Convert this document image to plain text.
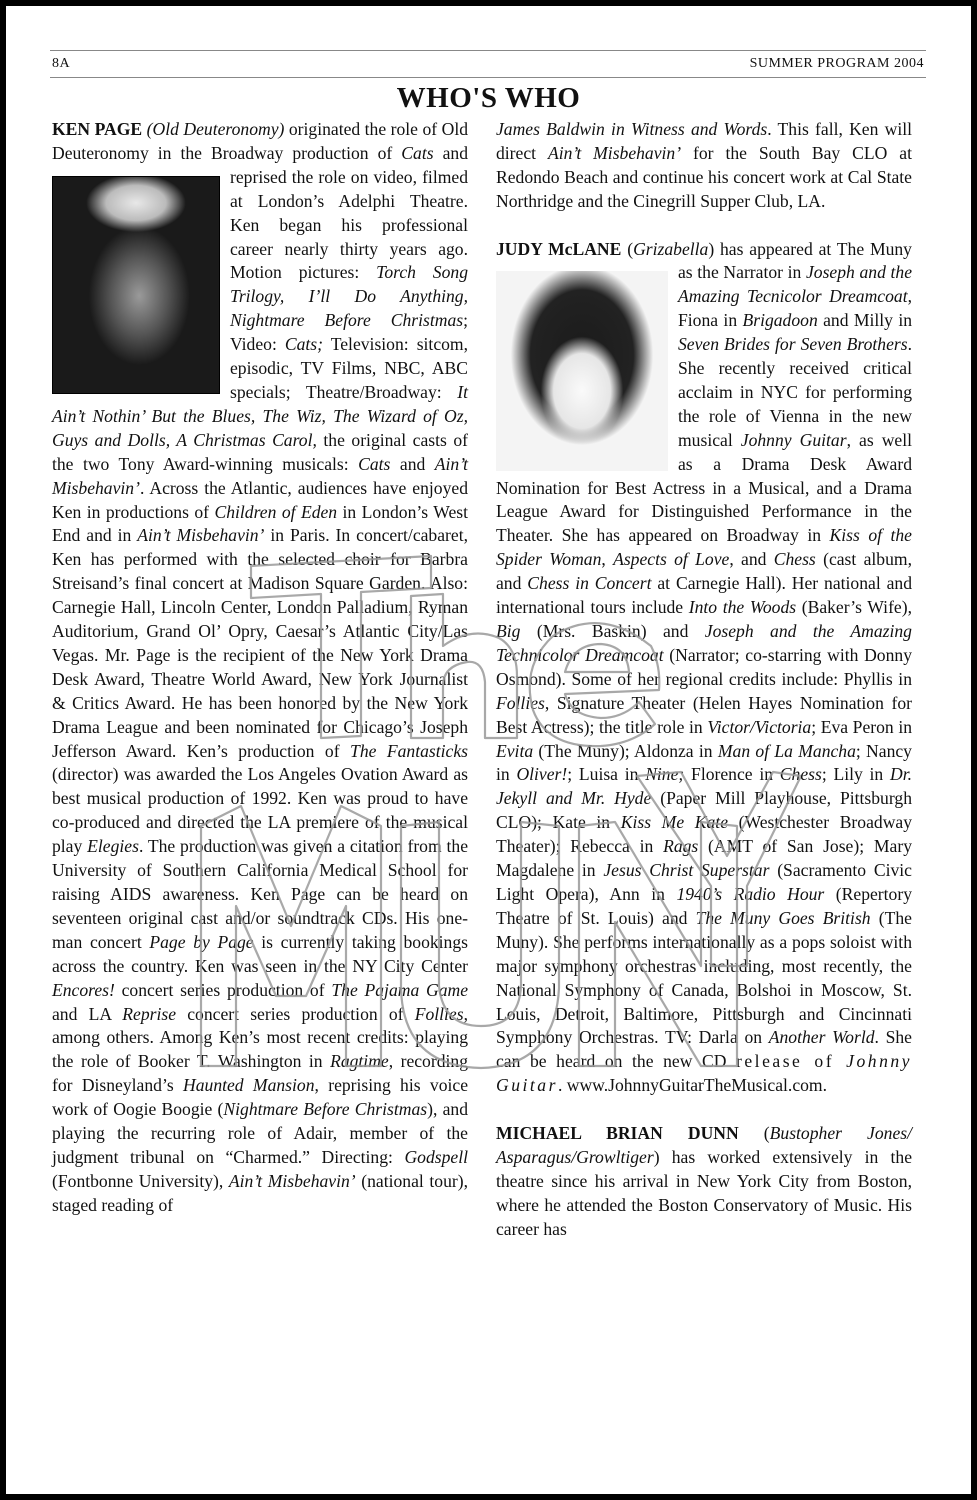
8A	SUMMER PROGRAM 2004
WHO'S WHO

KEN PAGE (Old Deuteronomy) originated the role of Old Deuteronomy in the Broadway production of
Cats and reprised the role on video, filmed at London’s Adelphi Theatre. Ken began his professional career nearly thirty years ago. Motion pictures: Torch Song Trilogy, I’ll Do Anything, Nightmare Before Christmas; Video: Cats; Television: sitcom, episodic, TV Films, NBC, ABC specials; Theatre/Broadway: It Ain’t Nothin’ But the Blues, The Wiz, The Wizard of Oz, Guys and Dolls, A Christmas Carol, the original casts of the two Tony Award-winning musicals: Cats and Ain’t Misbehavin’. Across the Atlantic, audiences have enjoyed Ken in productions of Children of Eden in London’s West End and in Ain’t Misbehavin’ in Paris. In concert/cabaret, Ken has performed with the selected choir for Barbra Streisand’s final concert at Madison Square Garden. Also: Carnegie Hall, Lincoln Center, London Palladium, Ryman Auditorium, Grand Ol’ Opry, Caesar’s Atlantic City/Las Vegas. Mr. Page is the recipient of the New York Drama Desk Award, Theatre World Award, New York Journalist & Critics Award. He has been honored by the New York Drama League and been nominated for Chicago’s Joseph Jefferson Award. Ken’s production of The Fantasticks (director) was awarded the Los Angeles Ovation Award as best musical production of 1992. Ken was proud to have co-produced and directed the LA premiere of the musical play Elegies. The production was given a citation from the University of Southern California Medical School for raising AIDS awareness. Ken Page can be heard on seventeen original cast and/or soundtrack CDs. His one-man concert Page by Page is currently taking bookings across the country. Ken was seen in the NY City Center Encores! concert series production of The Pajama Game and LA Reprise concert series production of Follies, among others. Among Ken’s most recent credits: playing the role of Booker T. Washington in Ragtime, recording for Disneyland’s Haunted Mansion, reprising his voice work of Oogie Boogie (Nightmare Before Christmas), and playing the recurring role of Adair, member of the judgment tribunal on “Charmed.” Directing: Godspell (Fontbonne University), Ain’t Misbehavin’ (national tour), staged reading of

James Baldwin in Witness and Words. This fall, Ken will direct Ain’t Misbehavin’ for the South Bay CLO at Redondo Beach and continue his concert work at Cal State Northridge and the Cinegrill Supper Club, LA.

JUDY McLANE (Grizabella) has appeared at The Muny as the Narrator in
Joseph and the Amazing Tecnicolor Dreamcoat, Fiona in Brigadoon and Milly in Seven Brides for Seven Brothers. She recently received critical acclaim in NYC for performing the role of Vienna in the new musical Johnny Guitar, as well as a Drama Desk Award Nomination for Best Actress in a Musical, and a Drama League Award for Distinguished Performance in the Theater. She has appeared on Broadway in Kiss of the Spider Woman, Aspects of Love, and Chess (cast album, and Chess in Concert at Carnegie Hall). Her national and international tours include Into the Woods (Baker’s Wife), Big (Mrs. Baskin) and Joseph and the Amazing Technicolor Dreamcoat (Narrator; co-starring with Donny Osmond). Some of her regional credits include: Phyllis in Follies, Signature Theater (Helen Hayes Nomination for Best Actress); the title role in Victor/Victoria; Eva Peron in Evita (The Muny); Aldonza in Man of La Mancha; Nancy in Oliver!; Luisa in Nine; Florence in Chess; Lily in Dr. Jekyll and Mr. Hyde (Paper Mill Playhouse, Pittsburgh CLO); Kate in Kiss Me Kate (Westchester Broadway Theater); Rebecca in Rags (AMT of San Jose); Mary Magdalene in Jesus Christ Superstar (Sacramento Civic Light Opera), Ann in 1940’s Radio Hour (Repertory Theatre of St. Louis) and The Muny Goes British (The Muny). She performs internationally as a pops soloist with major symphony orchestras including, most recently, the National Symphony of Canada, Bolshoi in Moscow, St. Louis, Detroit, Baltimore, Pittsburgh and Cincinnati Symphony Orchestras. TV: Darla on Another World. She can be heard on the new CD release of Johnny Guitar. www.JohnnyGuitarTheMusical.com.

MICHAEL BRIAN DUNN (Bustopher Jones/ Asparagus/Growltiger) has worked extensively in the theatre since his arrival in New York City from Boston, where he attended the Boston Conservatory of Music. His career has
